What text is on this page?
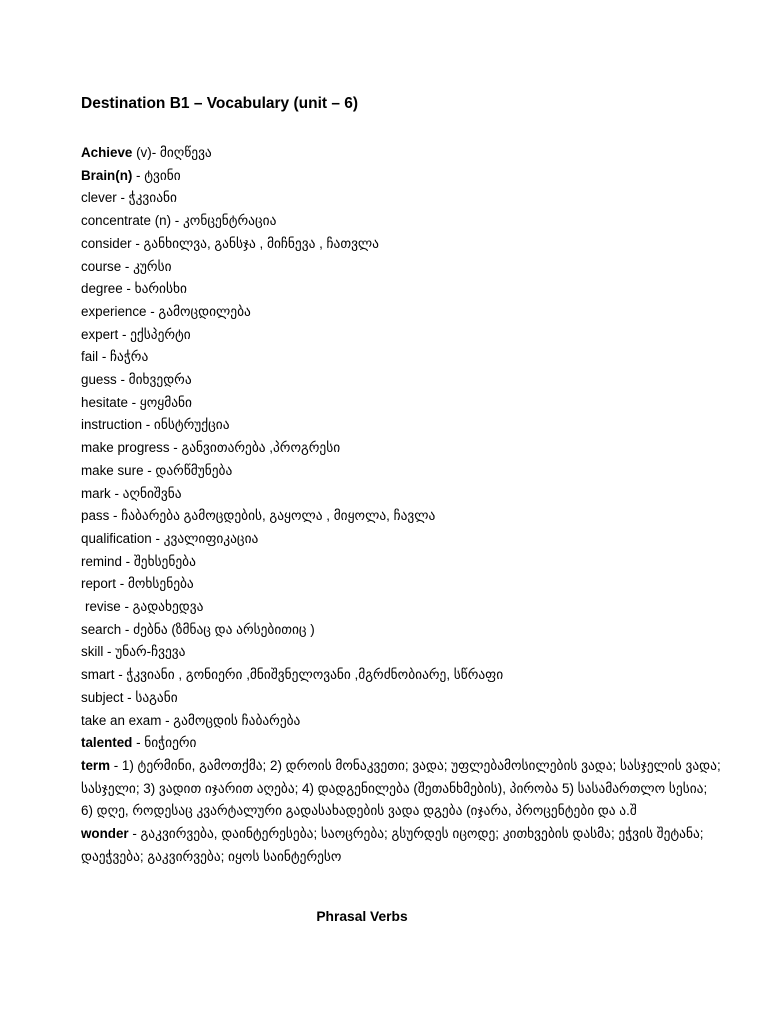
Destination B1 – Vocabulary (unit – 6)
Achieve (v)- მიღწევა
Brain(n) - ტვინი
clever - ჭკვიანი
concentrate (n) - კონცენტრაცია
consider - განხილვა, განსჯა , მიჩნევა , ჩათვლა
course - კურსი
degree - ხარისხი
experience - გამოცდილება
expert - ექსპერტი
fail - ჩაჭრა
guess - მიხვედრა
hesitate - ყოყმანი
instruction - ინსტრუქცია
make progress - განვითარება ,პროგრესი
make sure - დარწმუნება
mark - აღნიშვნა
pass - ჩაბარება გამოცდების, გაყოლა , მიყოლა, ჩავლა
qualification - კვალიფიკაცია
remind - შეხსენება
report - მოხსენება
revise - გადახედვა
search - ძებნა (ზმნაც და არსებითიც )
skill - უნარ-ჩვევა
smart - ჭკვიანი , გონიერი ,მნიშვნელოვანი ,მგრძნობიარე, სწრაფი
subject - საგანი
take an exam - გამოცდის ჩაბარება
talented - ნიჭიერი
term - 1) ტერმინი, გამოთქმა; 2) დროის მონაკვეთი; ვადა; უფლებამოსილების ვადა; სასჯელის ვადა; სასჯელი; 3) ვადით იჯარით აღება; 4) დადგენილება (შეთანხმების), პირობა 5) სასამართლო სესია; 6) დღე, როდესაც კვარტალური გადასახადების ვადა დგება (იჯარა, პროცენტები და ა.შ
wonder - გაკვირვება, დაინტერესება; საოცრება; გსურდეს იცოდე; კითხვების დასმა; ეჭვის შეტანა; დაეჭვება; გაკვირვება; იყოს საინტერესო
Phrasal Verbs
